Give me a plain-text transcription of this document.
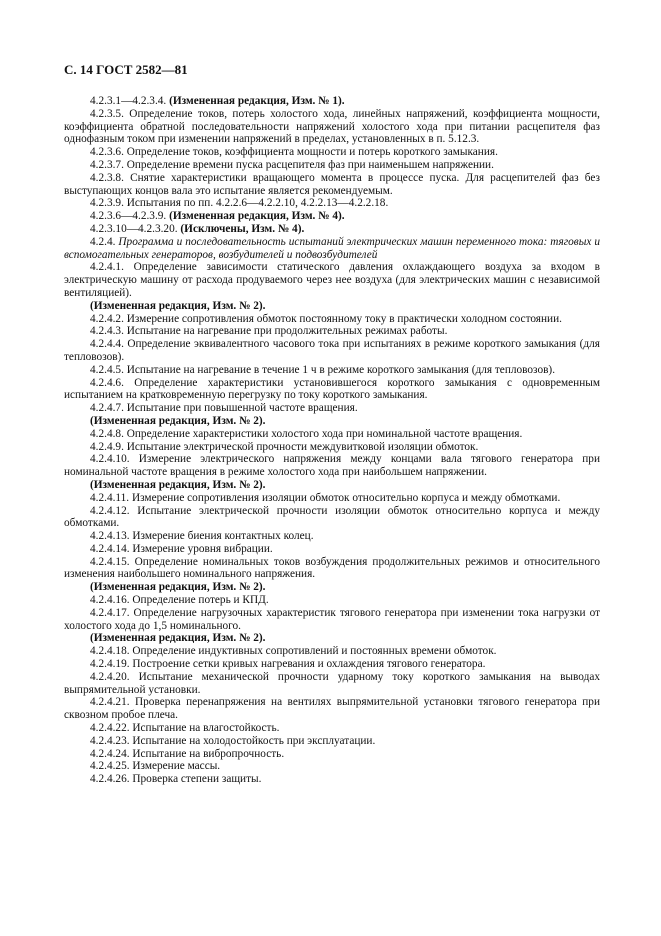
С. 14 ГОСТ 2582—81

4.2.3.1—4.2.3.4. (Измененная редакция, Изм. № 1).

4.2.3.5. Определение токов, потерь холостого хода, линейных напряжений, коэффициента мощности, коэффициента обратной последовательности напряжений холостого хода при питании расцепителя фаз однофазным током при изменении напряжений в пределах, установленных в п. 5.12.3.

4.2.3.6. Определение токов, коэффициента мощности и потерь короткого замыкания.

4.2.3.7. Определение времени пуска расцепителя фаз при наименьшем напряжении.

4.2.3.8. Снятие характеристики вращающего момента в процессе пуска. Для расцепителей фаз без выступающих концов вала это испытание является рекомендуемым.

4.2.3.9. Испытания по пп. 4.2.2.6—4.2.2.10, 4.2.2.13—4.2.2.18.

4.2.3.6—4.2.3.9. (Измененная редакция, Изм. № 4).

4.2.3.10—4.2.3.20. (Исключены, Изм. № 4).

4.2.4. Программа и последовательность испытаний электрических машин переменного тока: тяговых и вспомогательных генераторов, возбудителей и подвозбудителей

4.2.4.1. Определение зависимости статического давления охлаждающего воздуха за входом в электрическую машину от расхода продуваемого через нее воздуха (для электрических машин с независимой вентиляцией).

(Измененная редакция, Изм. № 2).

4.2.4.2. Измерение сопротивления обмоток постоянному току в практически холодном состоянии.

4.2.4.3. Испытание на нагревание при продолжительных режимах работы.

4.2.4.4. Определение эквивалентного часового тока при испытаниях в режиме короткого замыкания (для тепловозов).

4.2.4.5. Испытание на нагревание в течение 1 ч в режиме короткого замыкания (для тепловозов).

4.2.4.6. Определение характеристики установившегося короткого замыкания с одновременным испытанием на кратковременную перегрузку по току короткого замыкания.

4.2.4.7. Испытание при повышенной частоте вращения.

(Измененная редакция, Изм. № 2).

4.2.4.8. Определение характеристики холостого хода при номинальной частоте вращения.

4.2.4.9. Испытание электрической прочности междувитковой изоляции обмоток.

4.2.4.10. Измерение электрического напряжения между концами вала тягового генератора при номинальной частоте вращения в режиме холостого хода при наибольшем напряжении.

(Измененная редакция, Изм. № 2).

4.2.4.11. Измерение сопротивления изоляции обмоток относительно корпуса и между обмотками.

4.2.4.12. Испытание электрической прочности изоляции обмоток относительно корпуса и между обмотками.

4.2.4.13. Измерение биения контактных колец.

4.2.4.14. Измерение уровня вибрации.

4.2.4.15. Определение номинальных токов возбуждения продолжительных режимов и относительного изменения наибольшего номинального напряжения.

(Измененная редакция, Изм. № 2).

4.2.4.16. Определение потерь и КПД.

4.2.4.17. Определение нагрузочных характеристик тягового генератора при изменении тока нагрузки от холостого хода до 1,5 номинального.

(Измененная редакция, Изм. № 2).

4.2.4.18. Определение индуктивных сопротивлений и постоянных времени обмоток.

4.2.4.19. Построение сетки кривых нагревания и охлаждения тягового генератора.

4.2.4.20. Испытание механической прочности ударному току короткого замыкания на выводах выпрямительной установки.

4.2.4.21. Проверка перенапряжения на вентилях выпрямительной установки тягового генератора при сквозном пробое плеча.

4.2.4.22. Испытание на влагостойкость.

4.2.4.23. Испытание на холодостойкость при эксплуатации.

4.2.4.24. Испытание на вибропрочность.

4.2.4.25. Измерение массы.

4.2.4.26. Проверка степени защиты.
